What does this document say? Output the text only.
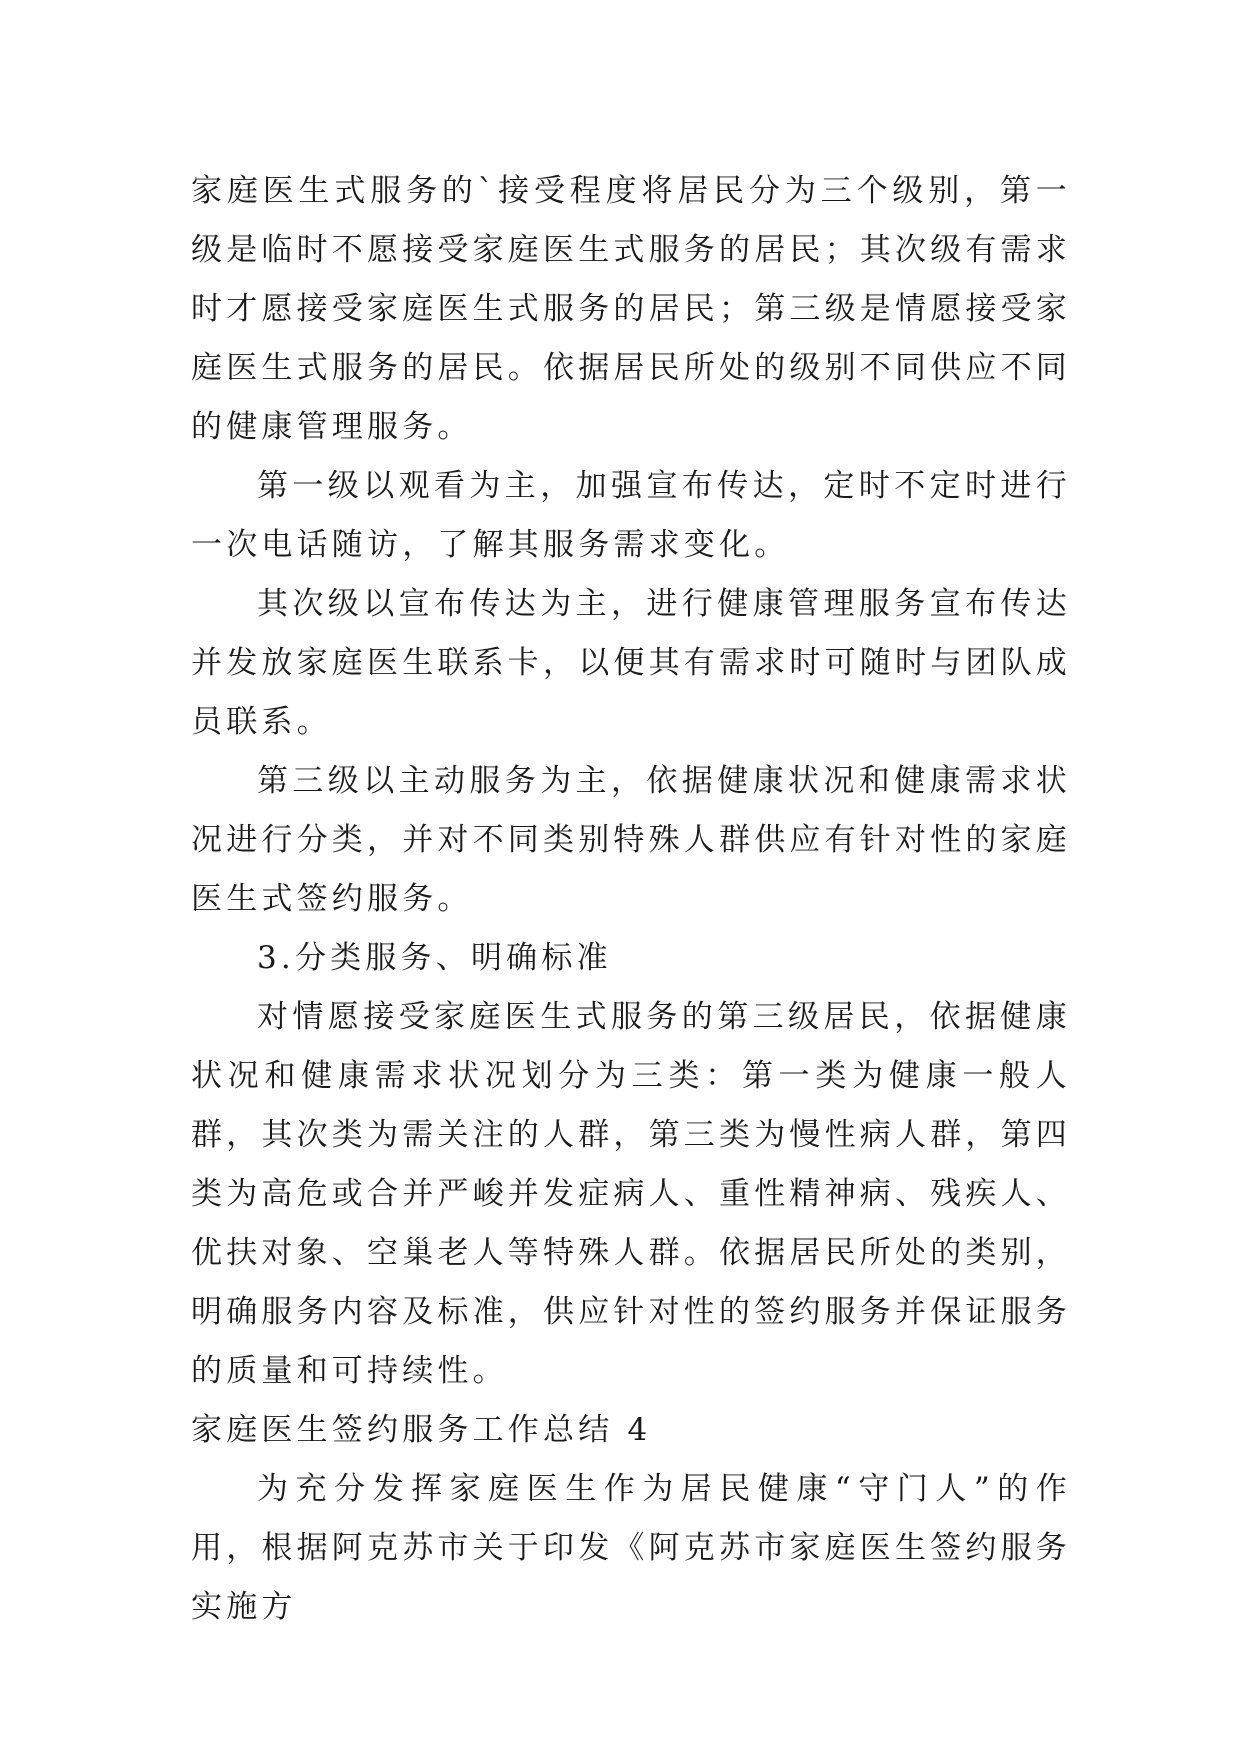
家庭医生式服务的`接受程度将居民分为三个级别，第一级是临时不愿接受家庭医生式服务的居民；其次级有需求时才愿接受家庭医生式服务的居民；第三级是情愿接受家庭医生式服务的居民。依据居民所处的级别不同供应不同的健康管理服务。

第一级以观看为主，加强宣布传达，定时不定时进行一次电话随访，了解其服务需求变化。

其次级以宣布传达为主，进行健康管理服务宣布传达并发放家庭医生联系卡，以便其有需求时可随时与团队成员联系。

第三级以主动服务为主，依据健康状况和健康需求状况进行分类，并对不同类别特殊人群供应有针对性的家庭医生式签约服务。

3.分类服务、明确标准

对情愿接受家庭医生式服务的第三级居民，依据健康状况和健康需求状况划分为三类：第一类为健康一般人群，其次类为需关注的人群，第三类为慢性病人群，第四类为高危或合并严峻并发症病人、重性精神病、残疾人、优扶对象、空巢老人等特殊人群。依据居民所处的类别，明确服务内容及标准，供应针对性的签约服务并保证服务的质量和可持续性。

家庭医生签约服务工作总结 4

为充分发挥家庭医生作为居民健康“守门人”的作用，根据阿克苏市关于印发《阿克苏市家庭医生签约服务实施方
